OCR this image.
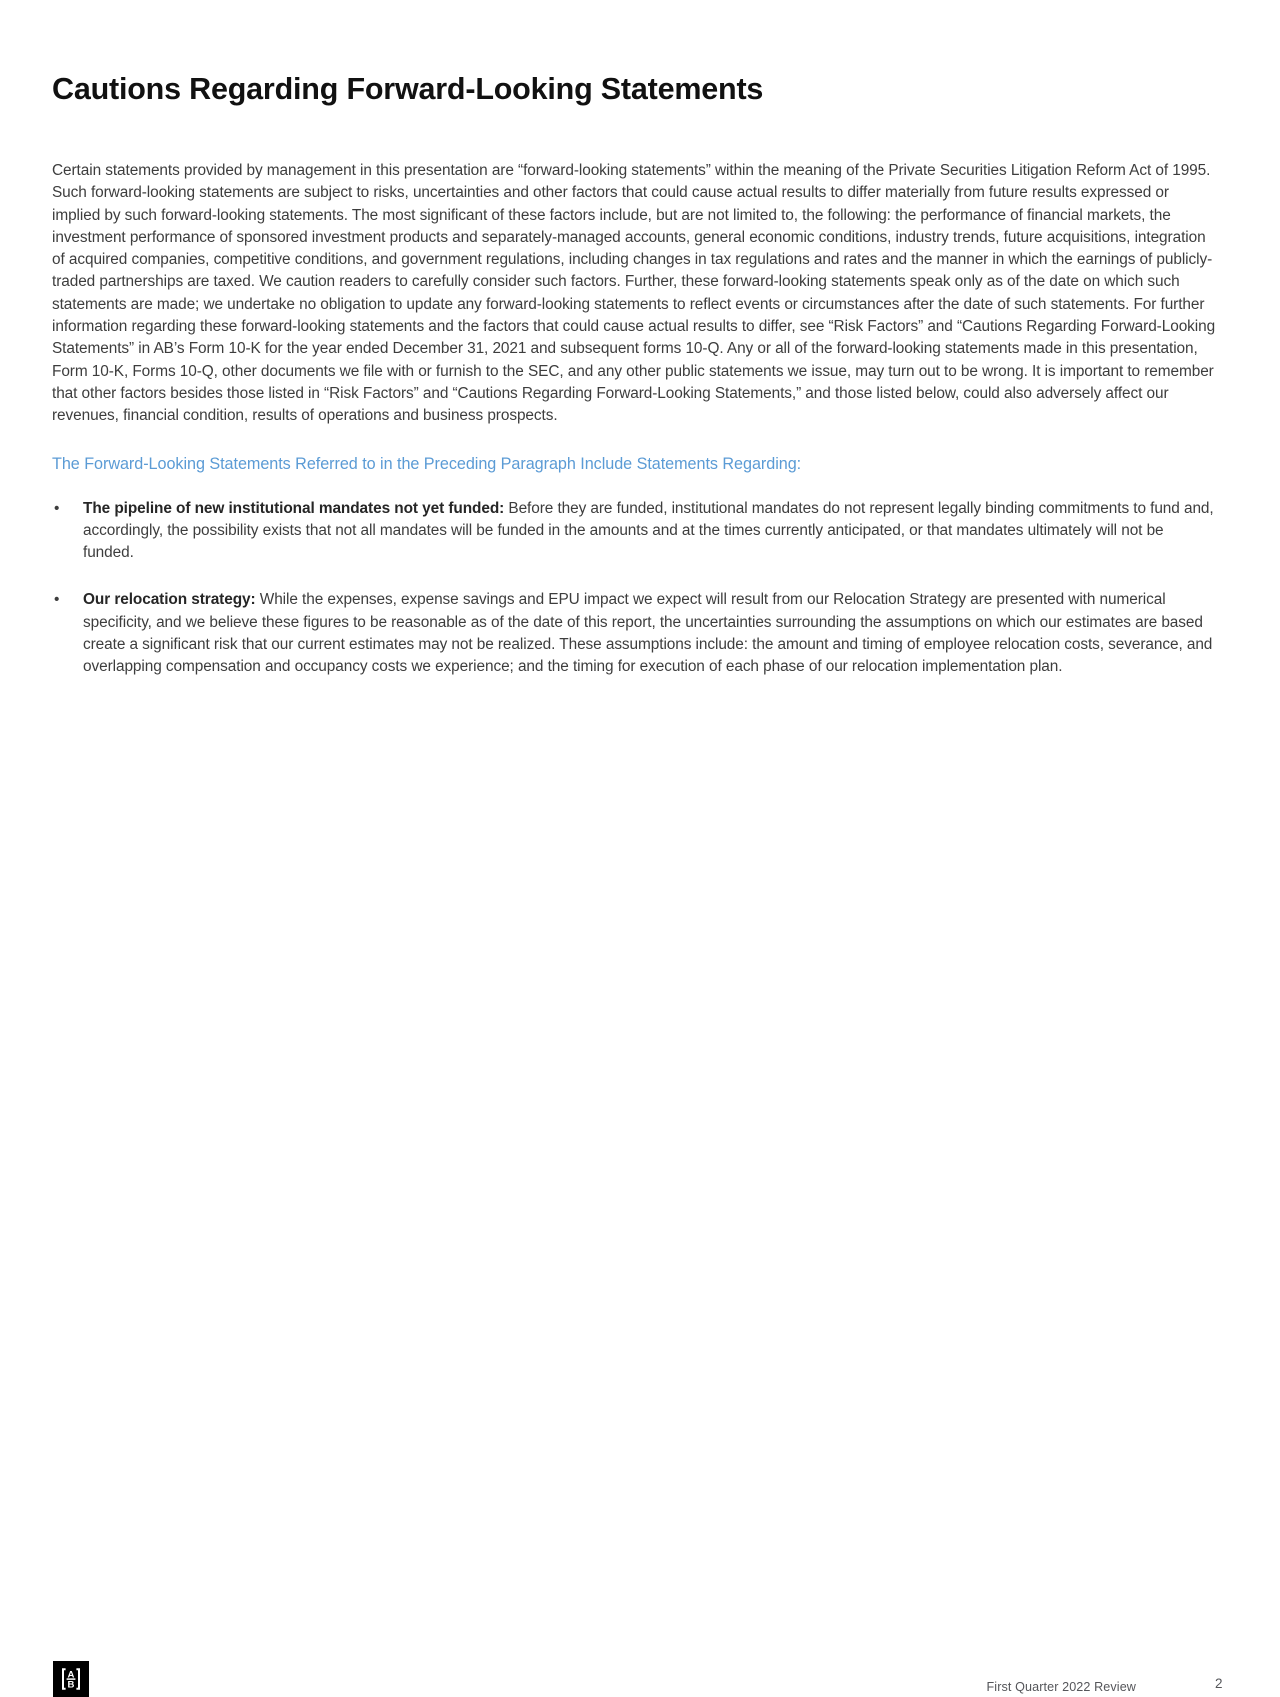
Cautions Regarding Forward-Looking Statements

Certain statements provided by management in this presentation are “forward-looking statements” within the meaning of the Private Securities Litigation Reform Act of 1995. Such forward-looking statements are subject to risks, uncertainties and other factors that could cause actual results to differ materially from future results expressed or implied by such forward-looking statements. The most significant of these factors include, but are not limited to, the following: the performance of financial markets, the investment performance of sponsored investment products and separately-managed accounts, general economic conditions, industry trends, future acquisitions, integration of acquired companies, competitive conditions, and government regulations, including changes in tax regulations and rates and the manner in which the earnings of publicly-traded partnerships are taxed. We caution readers to carefully consider such factors. Further, these forward-looking statements speak only as of the date on which such statements are made; we undertake no obligation to update any forward-looking statements to reflect events or circumstances after the date of such statements. For further information regarding these forward-looking statements and the factors that could cause actual results to differ, see “Risk Factors” and “Cautions Regarding Forward-Looking Statements” in AB’s Form 10-K for the year ended December 31, 2021 and subsequent forms 10-Q. Any or all of the forward-looking statements made in this presentation, Form 10-K, Forms 10-Q, other documents we file with or furnish to the SEC, and any other public statements we issue, may turn out to be wrong. It is important to remember that other factors besides those listed in “Risk Factors” and “Cautions Regarding Forward-Looking Statements,” and those listed below, could also adversely affect our revenues, financial condition, results of operations and business prospects.

The Forward-Looking Statements Referred to in the Preceding Paragraph Include Statements Regarding:
• The pipeline of new institutional mandates not yet funded: Before they are funded, institutional mandates do not represent legally binding commitments to fund and, accordingly, the possibility exists that not all mandates will be funded in the amounts and at the times currently anticipated, or that mandates ultimately will not be funded.
• Our relocation strategy: While the expenses, expense savings and EPU impact we expect will result from our Relocation Strategy are presented with numerical specificity, and we believe these figures to be reasonable as of the date of this report, the uncertainties surrounding the assumptions on which our estimates are based create a significant risk that our current estimates may not be realized. These assumptions include: the amount and timing of employee relocation costs, severance, and overlapping compensation and occupancy costs we experience; and the timing for execution of each phase of our relocation implementation plan.
A
B	First Quarter 2022 Review	2
